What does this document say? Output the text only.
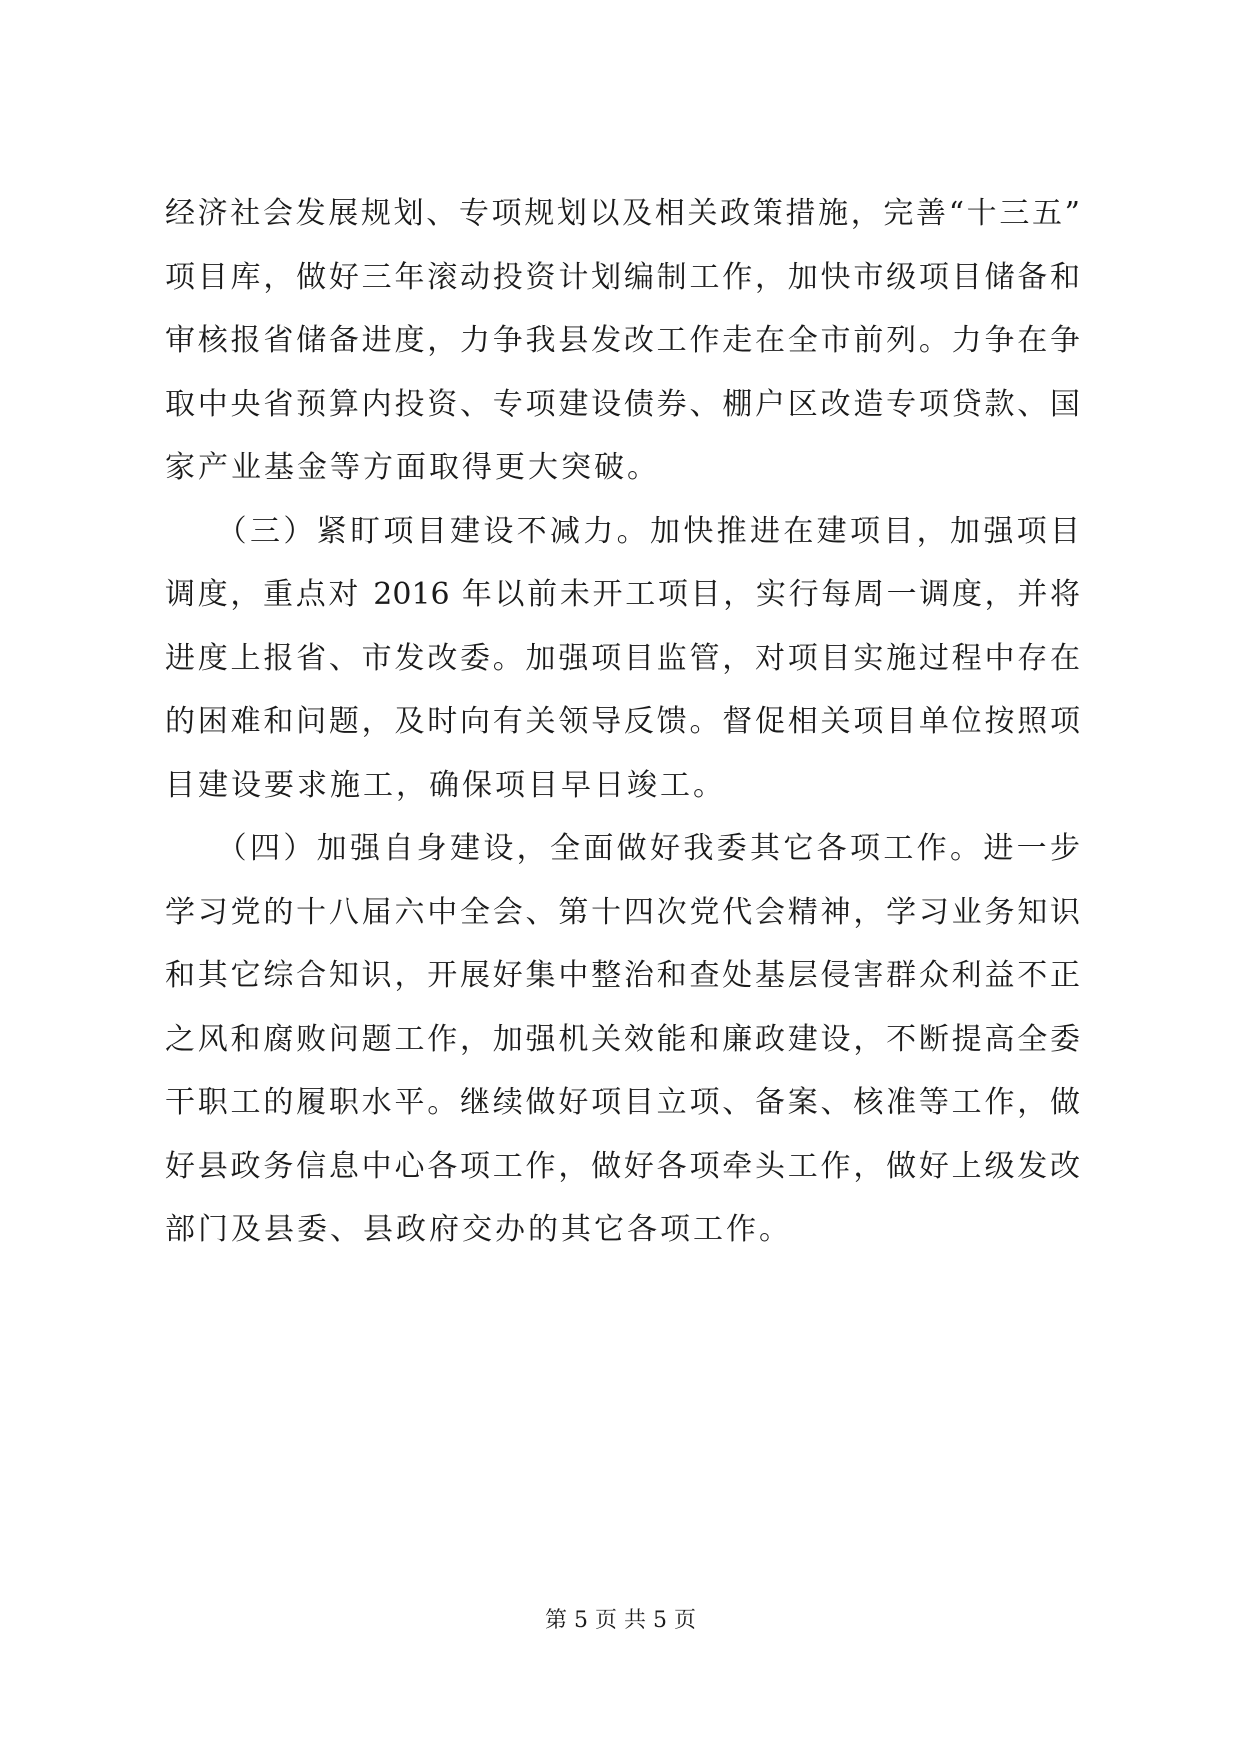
经济社会发展规划、专项规划以及相关政策措施，完善“十三五”
项目库，做好三年滚动投资计划编制工作，加快市级项目储备和
审核报省储备进度，力争我县发改工作走在全市前列。力争在争
取中央省预算内投资、专项建设债券、棚户区改造专项贷款、国
家产业基金等方面取得更大突破。
　　（三）紧盯项目建设不减力。加快推进在建项目，加强项目
调度，重点对 2016 年以前未开工项目，实行每周一调度，并将
进度上报省、市发改委。加强项目监管，对项目实施过程中存在
的困难和问题，及时向有关领导反馈。督促相关项目单位按照项
目建设要求施工，确保项目早日竣工。
　　（四）加强自身建设，全面做好我委其它各项工作。进一步
学习党的十八届六中全会、第十四次党代会精神，学习业务知识
和其它综合知识，开展好集中整治和查处基层侵害群众利益不正
之风和腐败问题工作，加强机关效能和廉政建设，不断提高全委
干职工的履职水平。继续做好项目立项、备案、核准等工作，做
好县政务信息中心各项工作，做好各项牵头工作，做好上级发改
部门及县委、县政府交办的其它各项工作。
第 5 页 共 5 页
